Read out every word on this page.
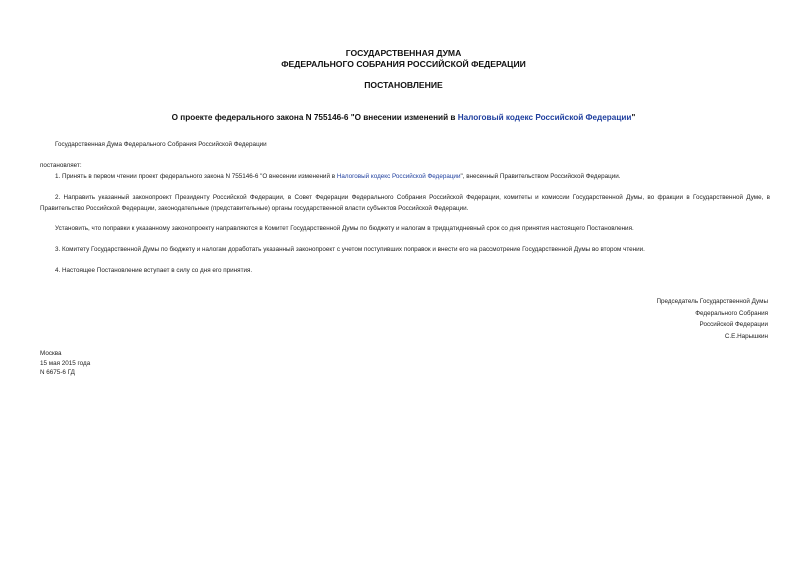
ГОСУДАРСТВЕННАЯ ДУМА
ФЕДЕРАЛЬНОГО СОБРАНИЯ РОССИЙСКОЙ ФЕДЕРАЦИИ
ПОСТАНОВЛЕНИЕ
О проекте федерального закона N 755146-6 "О внесении изменений в Налоговый кодекс Российской Федерации"
Государственная Дума Федерального Собрания Российской Федерации
постановляет:
1. Принять в первом чтении проект федерального закона N 755146-6 "О внесении изменений в Налоговый кодекс Российской Федерации", внесенный Правительством Российской Федерации.
2. Направить указанный законопроект Президенту Российской Федерации, в Совет Федерации Федерального Собрания Российской Федерации, комитеты и комиссии Государственной Думы, во фракции в Государственной Думе, в Правительство Российской Федерации, законодательные (представительные) органы государственной власти субъектов Российской Федерации.
Установить, что поправки к указанному законопроекту направляются в Комитет Государственной Думы по бюджету и налогам в тридцатидневный срок со дня принятия настоящего Постановления.
3. Комитету Государственной Думы по бюджету и налогам доработать указанный законопроект с учетом поступивших поправок и внести его на рассмотрение Государственной Думы во втором чтении.
4. Настоящее Постановление вступает в силу со дня его принятия.
Председатель Государственной Думы
Федерального Собрания
Российской Федерации
С.Е.Нарышкин
Москва
15 мая 2015 года
N 6675-6 ГД
